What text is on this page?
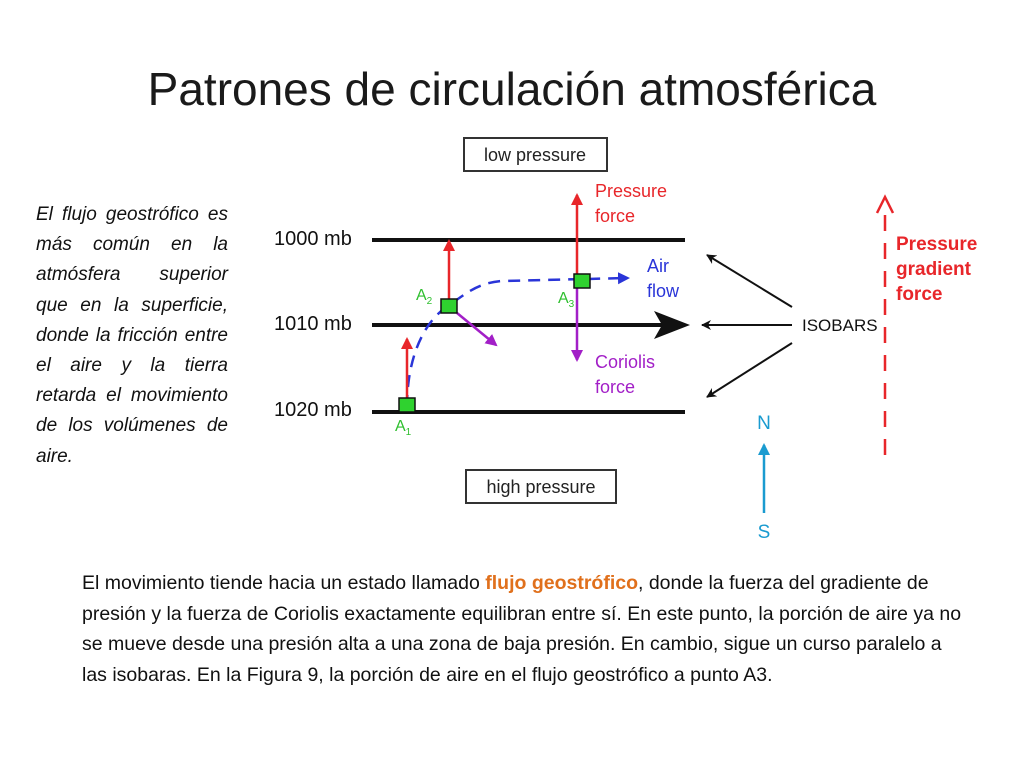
Patrones de circulación atmosférica
El flujo geostrófico es más común en la atmósfera superior que en la superficie, donde la fricción entre el aire y la tierra retarda el movimiento de los volúmenes de aire.
low pressure
1000 mb
1010 mb
1020 mb
$A_1$
$A_2$	$A_3$
Pressure force
Air flow
Coriolis force
ISOBARS
Pressure gradient force
N
S
high pressure
El movimiento tiende hacia un estado llamado flujo geostrófico, donde la fuerza del gradiente de presión y la fuerza de Coriolis exactamente equilibran entre sí. En este punto, la porción de aire ya no se mueve desde una presión alta a una zona de baja presión. En cambio, sigue un curso paralelo a las isobaras. En la Figura 9, la porción de aire en el flujo geostrófico a punto A3.
